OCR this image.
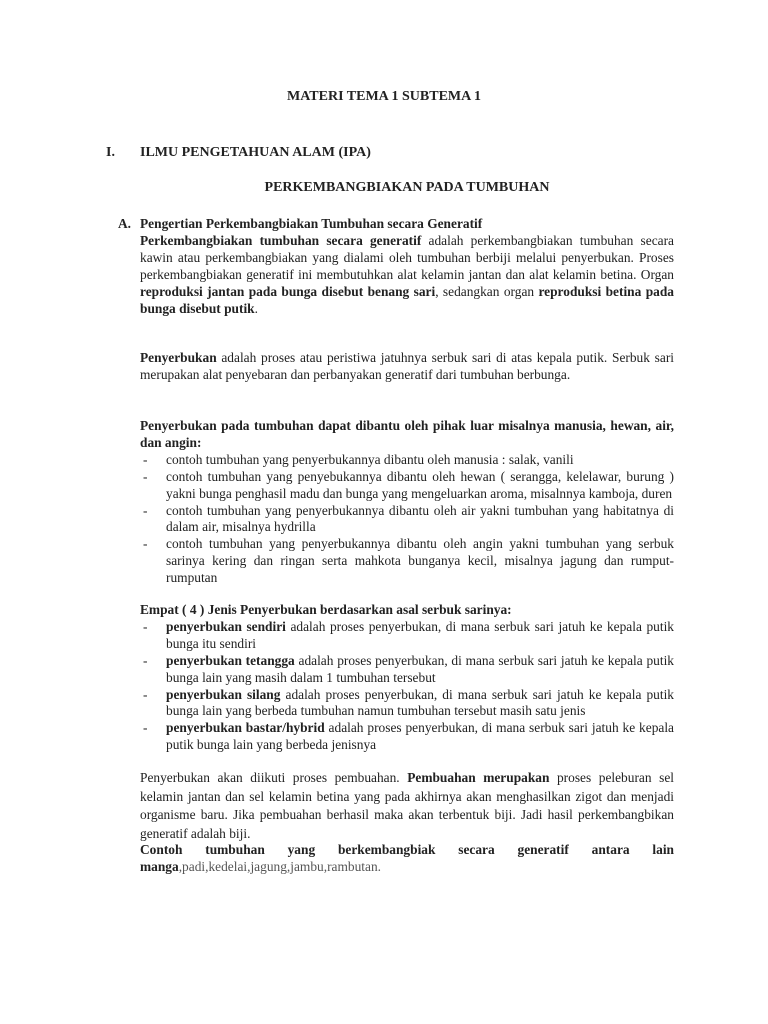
MATERI TEMA 1 SUBTEMA 1

I. ILMU PENGETAHUAN ALAM (IPA)

PERKEMBANGBIAKAN PADA TUMBUHAN

A. Pengertian Perkembangbiakan Tumbuhan secara Generatif

Perkembangbiakan tumbuhan secara generatif adalah perkembangbiakan tumbuhan secara kawin atau perkembangbiakan yang dialami oleh tumbuhan berbiji melalui penyerbukan. Proses perkembangbiakan generatif ini membutuhkan alat kelamin jantan dan alat kelamin betina. Organ reproduksi jantan pada bunga disebut benang sari, sedangkan organ reproduksi betina pada bunga disebut putik.

Penyerbukan adalah proses atau peristiwa jatuhnya serbuk sari di atas kepala putik. Serbuk sari merupakan alat penyebaran dan perbanyakan generatif dari tumbuhan berbunga.

Penyerbukan pada tumbuhan dapat dibantu oleh pihak luar misalnya manusia, hewan, air, dan angin:

- contoh tumbuhan yang penyerbukannya dibantu oleh manusia : salak, vanili
- contoh tumbuhan yang penyebukannya dibantu oleh hewan ( serangga, kelelawar, burung ) yakni bunga penghasil madu dan bunga yang mengeluarkan aroma, misalnnya kamboja, duren
- contoh tumbuhan yang penyerbukannya dibantu oleh air yakni tumbuhan yang habitatnya di dalam air, misalnya hydrilla
- contoh tumbuhan yang penyerbukannya dibantu oleh angin yakni tumbuhan yang serbuk sarinya kering dan ringan serta mahkota bunganya kecil, misalnya jagung dan rumput-rumputan

Empat ( 4 ) Jenis Penyerbukan berdasarkan asal serbuk sarinya:

- penyerbukan sendiri adalah proses penyerbukan, di mana serbuk sari jatuh ke kepala putik bunga itu sendiri
- penyerbukan tetangga adalah proses penyerbukan, di mana serbuk sari jatuh ke kepala putik bunga lain yang masih dalam 1 tumbuhan tersebut
- penyerbukan silang adalah proses penyerbukan, di mana serbuk sari jatuh ke kepala putik bunga lain yang berbeda tumbuhan namun tumbuhan tersebut masih satu jenis
- penyerbukan bastar/hybrid adalah proses penyerbukan, di mana serbuk sari jatuh ke kepala putik bunga lain yang berbeda jenisnya

Penyerbukan akan diikuti proses pembuahan. Pembuahan merupakan proses peleburan sel kelamin jantan dan sel kelamin betina yang pada akhirnya akan menghasilkan zigot dan menjadi organisme baru. Jika pembuahan berhasil maka akan terbentuk biji. Jadi hasil perkembangbikan generatif adalah biji.

Contoh tumbuhan yang berkembangbiak secara generatif antara lain manga,padi,kedelai,jagung,jambu,rambutan.
